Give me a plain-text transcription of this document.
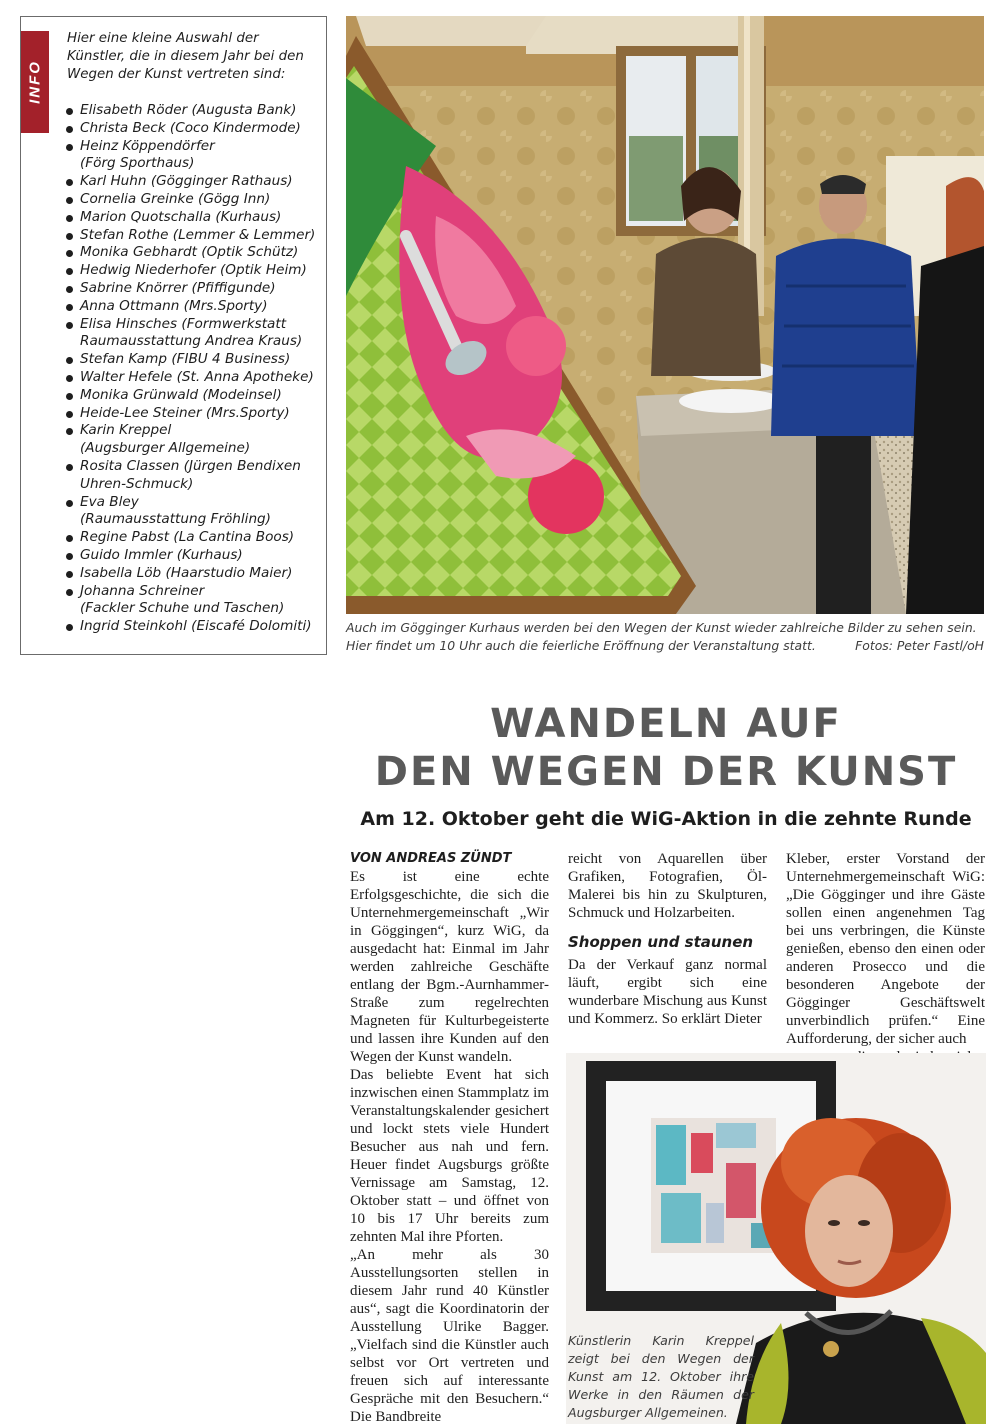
INFO

Hier eine kleine Auswahl der Künstler, die in diesem Jahr bei den Wegen der Kunst vertreten sind:

Elisabeth Röder (Augusta Bank)
Christa Beck (Coco Kindermode)
Heinz Köppendörfer
(Förg Sporthaus)
Karl Huhn (Gögginger Rathaus)
Cornelia Greinke (Gögg Inn)
Marion Quotschalla (Kurhaus)
Stefan Rothe (Lemmer & Lemmer)
Monika Gebhardt (Optik Schütz)
Hedwig Niederhofer (Optik Heim)
Sabrine Knörrer (Pfiffigunde)
Anna Ottmann (Mrs.Sporty)
Elisa Hinsches (Formwerkstatt
Raumausstattung Andrea Kraus)
Stefan Kamp (FIBU 4 Business)
Walter Hefele (St. Anna Apotheke)
Monika Grünwald (Modeinsel)
Heide-Lee Steiner (Mrs.Sporty)
Karin Kreppel
(Augsburger Allgemeine)
Rosita Classen (Jürgen Bendixen
Uhren-Schmuck)
Eva Bley
(Raumausstattung Fröhling)
Regine Pabst (La Cantina Boos)
Guido Immler (Kurhaus)
Isabella Löb (Haarstudio Maier)
Johanna Schreiner
(Fackler Schuhe und Taschen)
Ingrid Steinkohl (Eiscafé Dolomiti)	Auch im Gögginger Kurhaus werden bei den Wegen der Kunst wieder zahlreiche Bilder zu sehen sein.
Hier findet um 10 Uhr auch die feierliche Eröffnung der Veranstaltung statt.	Fotos: Peter Fastl/oH
WANDELN AUF
DEN WEGEN DER KUNST
Am 12. Oktober geht die WiG-Aktion in die zehnte Runde
VON ANDREAS ZÜNDT

Es ist eine echte Erfolgsgeschichte, die sich die Unternehmergemeinschaft „Wir in Göggingen“, kurz WiG, da ausgedacht hat: Einmal im Jahr werden zahlreiche Geschäfte entlang der Bgm.-Aurnhammer-Straße zum regelrechten Magneten für Kulturbegeisterte und lassen ihre Kunden auf den Wegen der Kunst wandeln.

Das beliebte Event hat sich inzwischen einen Stammplatz im Veranstaltungskalender gesichert und lockt stets viele Hundert Besucher aus nah und fern. Heuer findet Augsburgs größte Vernissage am Samstag, 12. Oktober statt – und öffnet von 10 bis 17 Uhr bereits zum zehnten Mal ihre Pforten.

„An mehr als 30 Ausstellungsorten stellen in diesem Jahr rund 40 Künstler aus“, sagt die Koordinatorin der Ausstellung Ulrike Bagger. „Vielfach sind die Künstler auch selbst vor Ort vertreten und freuen sich auf interessante Gespräche mit den Besuchern.“ Die Bandbreite

reicht von Aquarellen über Grafiken, Fotografien, Öl-Malerei bis hin zu Skulpturen, Schmuck und Holzarbeiten.

Shoppen und staunen

Da der Verkauf ganz normal läuft, ergibt sich eine wunderbare Mischung aus Kunst und Kommerz. So erklärt Dieter

Kleber, erster Vorstand der Unternehmergemeinschaft WiG: „Die Gögginger und ihre Gäste sollen einen angenehmen Tag bei uns verbringen, die Künste genießen, ebenso den einen oder anderen Prosecco und die besonderen Angebote der Gögginger Geschäftswelt unverbindlich prüfen.“ Eine Aufforderung, der sicher auch

Künstlerin Karin Kreppel zeigt bei den Wegen der Kunst am 12. Oktober ihre Werke in den Räumen der Augsburger Allgemeinen.
